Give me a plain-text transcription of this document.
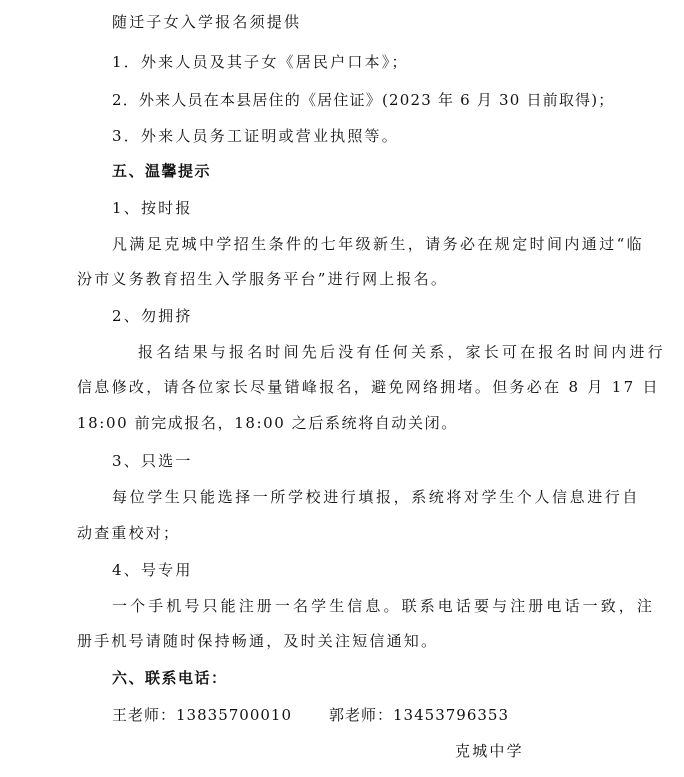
随迁子女入学报名须提供
1．外来人员及其子女《居民户口本》；
2．外来人员在本县居住的《居住证》(2023 年 6 月 30 日前取得)；
3．外来人员务工证明或营业执照等。
五、温馨提示
1、按时报
凡满足克城中学招生条件的七年级新生，请务必在规定时间内通过“临
汾市义务教育招生入学服务平台”进行网上报名。
2、勿拥挤
报名结果与报名时间先后没有任何关系，家长可在报名时间内进行
信息修改，请各位家长尽量错峰报名，避免网络拥堵。但务必在 8 月 17 日
18:00 前完成报名，18:00 之后系统将自动关闭。
3、只选一
每位学生只能选择一所学校进行填报，系统将对学生个人信息进行自
动查重校对；
4、号专用
一个手机号只能注册一名学生信息。联系电话要与注册电话一致，注
册手机号请随时保持畅通，及时关注短信通知。
六、联系电话：
王老师：13835700010 郭老师：13453796353
克城中学
